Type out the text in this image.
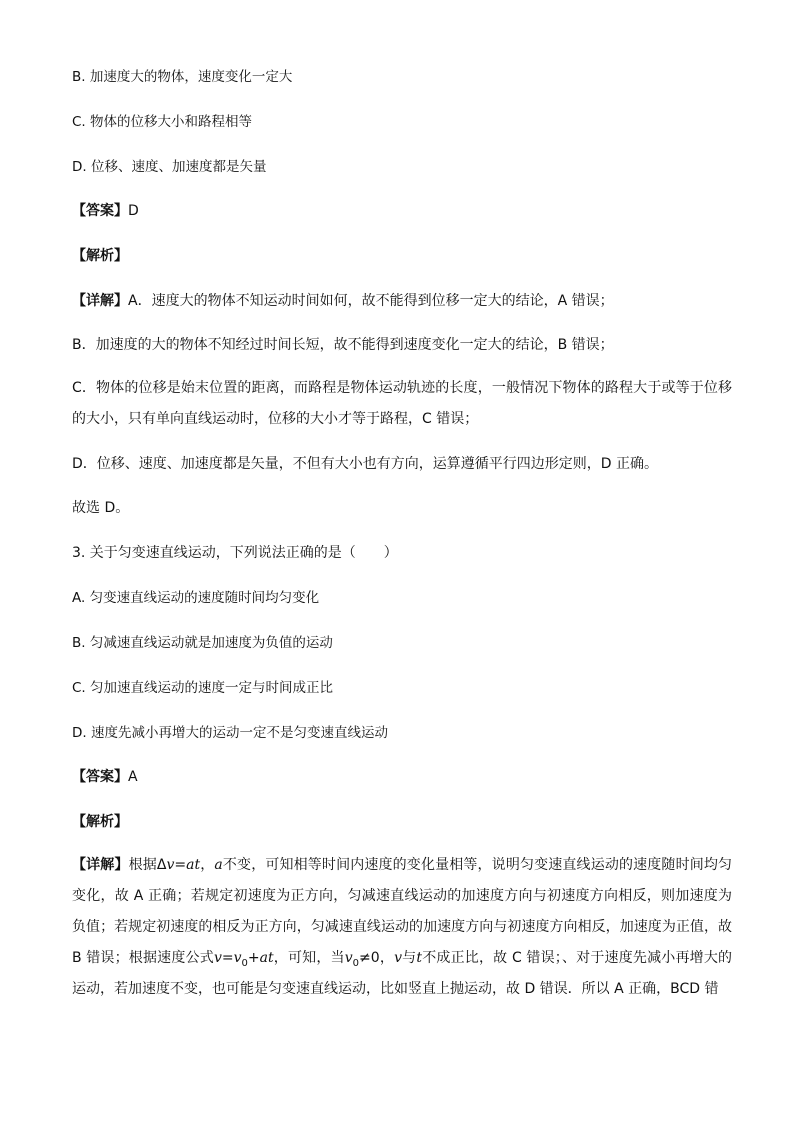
B. 加速度大的物体，速度变化一定大
C. 物体的位移大小和路程相等
D. 位移、速度、加速度都是矢量
【答案】D
【解析】
【详解】A．速度大的物体不知运动时间如何，故不能得到位移一定大的结论，A 错误；
B．加速度的大的物体不知经过时间长短，故不能得到速度变化一定大的结论，B 错误；
C．物体的位移是始末位置的距离，而路程是物体运动轨迹的长度，一般情况下物体的路程大于或等于位移的大小，只有单向直线运动时，位移的大小才等于路程，C 错误；
D．位移、速度、加速度都是矢量，不但有大小也有方向，运算遵循平行四边形定则，D 正确。
故选 D。
3. 关于匀变速直线运动，下列说法正确的是（　　）
A. 匀变速直线运动的速度随时间均匀变化
B. 匀减速直线运动就是加速度为负值的运动
C. 匀加速直线运动的速度一定与时间成正比
D. 速度先减小再增大的运动一定不是匀变速直线运动
【答案】A
【解析】
【详解】根据Δv=at，a不变，可知相等时间内速度的变化量相等，说明匀变速直线运动的速度随时间均匀变化，故 A 正确；若规定初速度为正方向，匀减速直线运动的加速度方向与初速度方向相反，则加速度为负值；若规定初速度的相反为正方向，匀减速直线运动的加速度方向与初速度方向相反，加速度为正值，故 B 错误；根据速度公式$v=v_0+at$，可知，当$v_0\ne 0$，v与t不成正比，故 C 错误；、对于速度先减小再增大的运动，若加速度不变，也可能是匀变速直线运动，比如竖直上抛运动，故 D 错误．所以 A 正确，BCD 错
